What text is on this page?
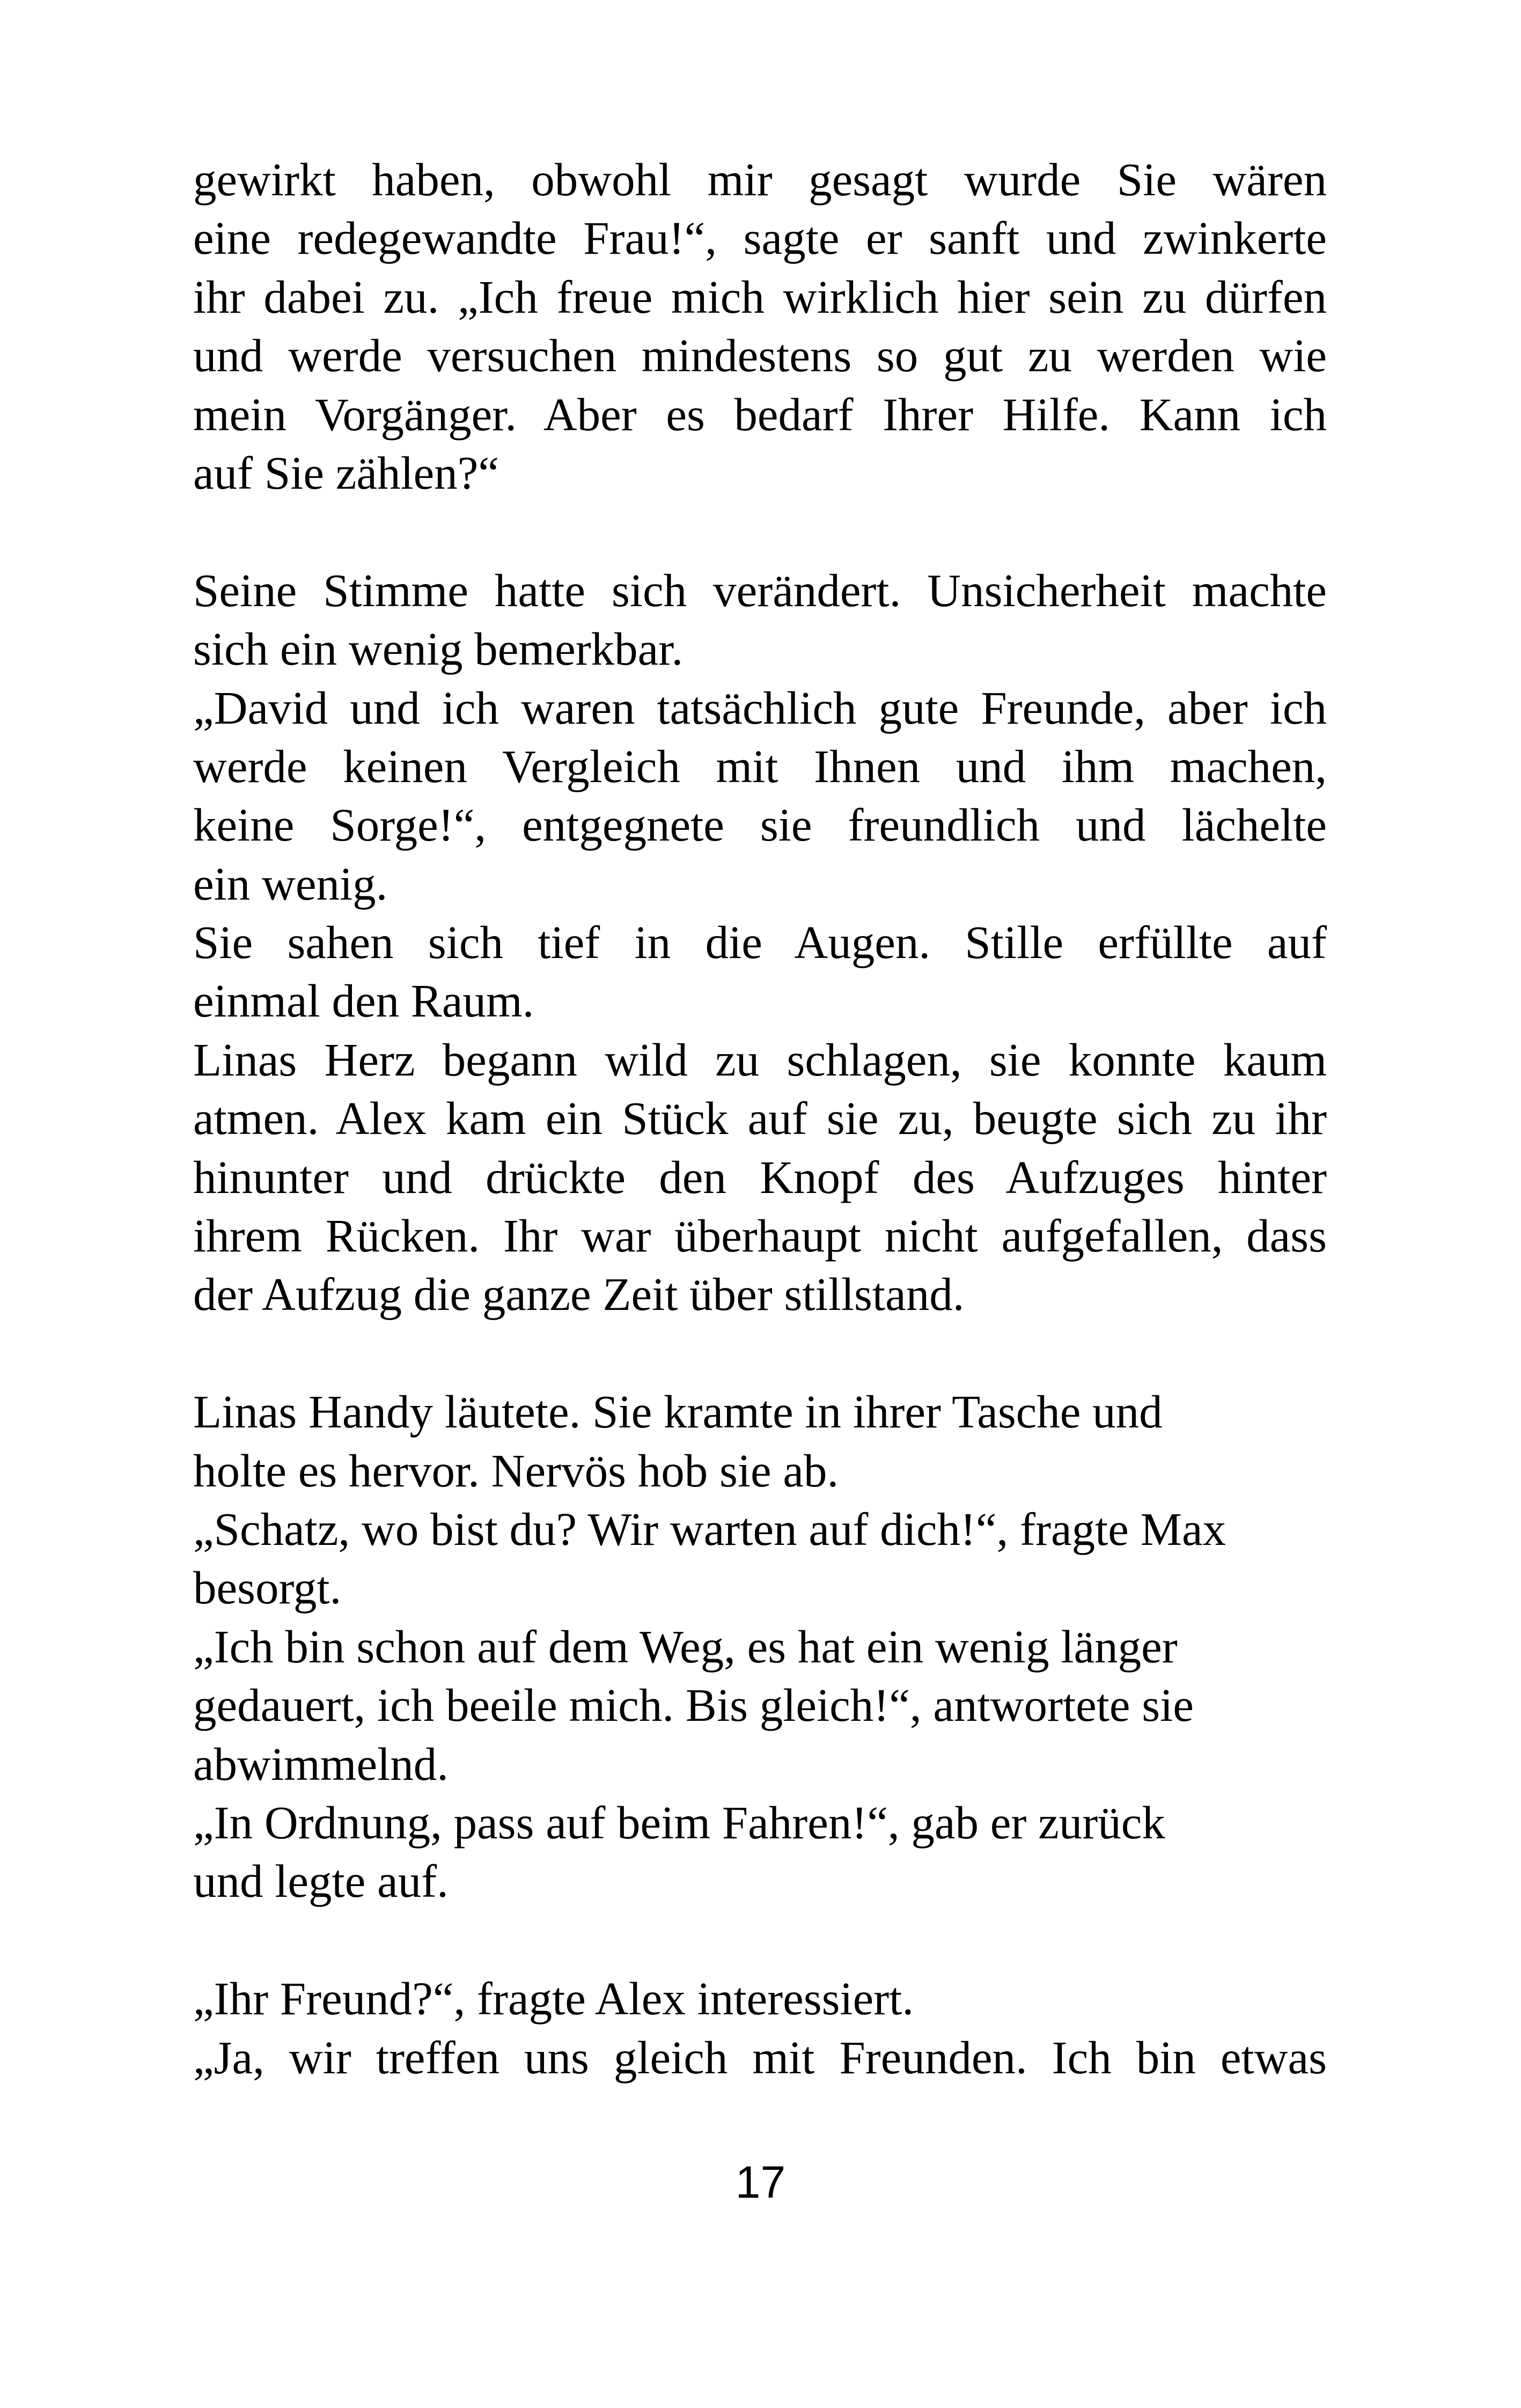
gewirkt haben, obwohl mir gesagt wurde Sie wären
eine redegewandte Frau!“, sagte er sanft und zwinkerte
ihr dabei zu. „Ich freue mich wirklich hier sein zu dürfen
und werde versuchen mindestens so gut zu werden wie
mein Vorgänger. Aber es bedarf Ihrer Hilfe. Kann ich
auf Sie zählen?“
Seine Stimme hatte sich verändert. Unsicherheit machte
sich ein wenig bemerkbar.
„David und ich waren tatsächlich gute Freunde, aber ich
werde keinen Vergleich mit Ihnen und ihm machen,
keine Sorge!“, entgegnete sie freundlich und lächelte
ein wenig.
Sie sahen sich tief in die Augen. Stille erfüllte auf
einmal den Raum.
Linas Herz begann wild zu schlagen, sie konnte kaum
atmen. Alex kam ein Stück auf sie zu, beugte sich zu ihr
hinunter und drückte den Knopf des Aufzuges hinter
ihrem Rücken. Ihr war überhaupt nicht aufgefallen, dass
der Aufzug die ganze Zeit über stillstand.
Linas Handy läutete. Sie kramte in ihrer Tasche und
holte es hervor. Nervös hob sie ab.
„Schatz, wo bist du? Wir warten auf dich!“, fragte Max
besorgt.
„Ich bin schon auf dem Weg, es hat ein wenig länger
gedauert, ich beeile mich. Bis gleich!“, antwortete sie
abwimmelnd.
„In Ordnung, pass auf beim Fahren!“, gab er zurück
und legte auf.
„Ihr Freund?“, fragte Alex interessiert.
„Ja, wir treffen uns gleich mit Freunden. Ich bin etwas
17
